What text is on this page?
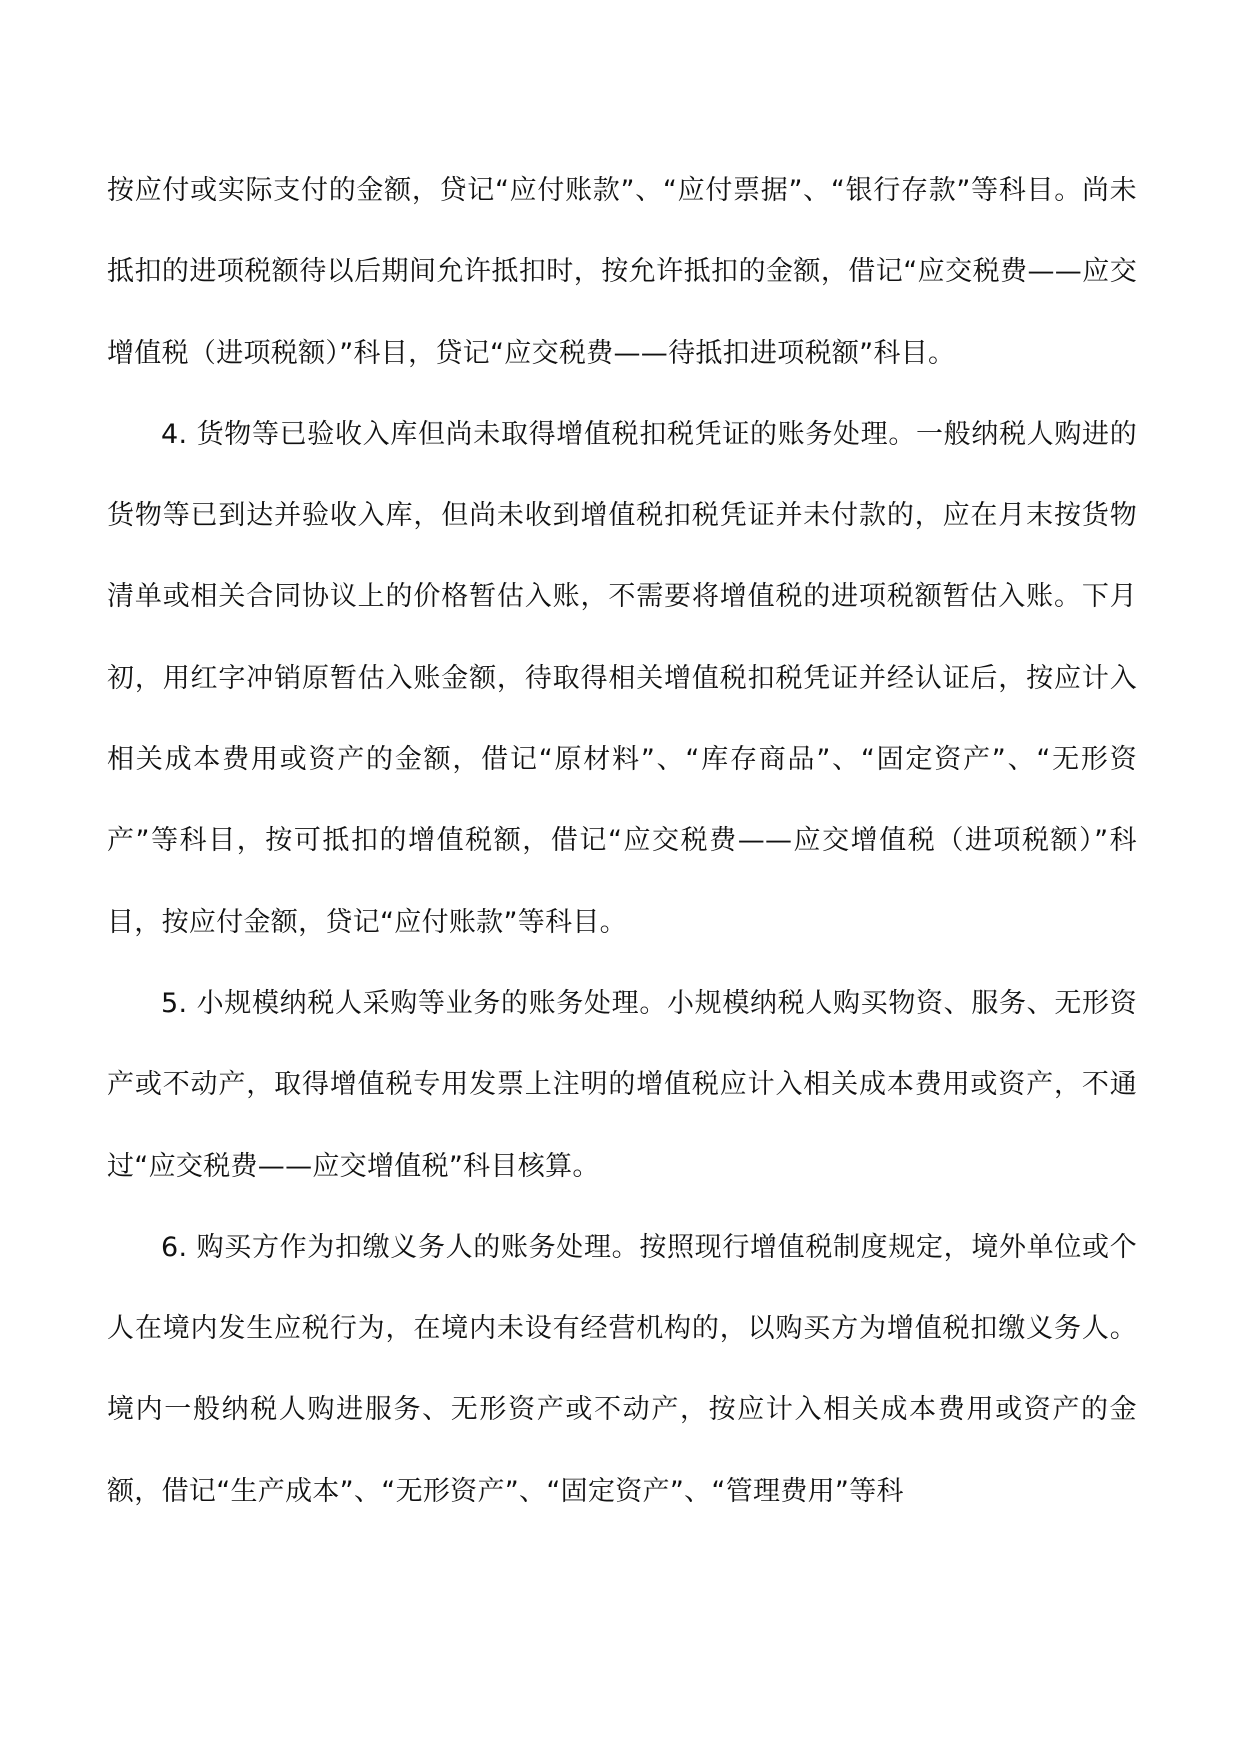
按应付或实际支付的金额，贷记“应付账款”、“应付票据”、“银行存款”等科目。尚未抵扣的进项税额待以后期间允许抵扣时，按允许抵扣的金额，借记“应交税费——应交增值税（进项税额）”科目，贷记“应交税费——待抵扣进项税额”科目。

4. 货物等已验收入库但尚未取得增值税扣税凭证的账务处理。一般纳税人购进的货物等已到达并验收入库，但尚未收到增值税扣税凭证并未付款的，应在月末按货物清单或相关合同协议上的价格暂估入账，不需要将增值税的进项税额暂估入账。下月初，用红字冲销原暂估入账金额，待取得相关增值税扣税凭证并经认证后，按应计入相关成本费用或资产的金额，借记“原材料”、“库存商品”、“固定资产”、“无形资产”等科目，按可抵扣的增值税额，借记“应交税费——应交增值税（进项税额）”科目，按应付金额，贷记“应付账款”等科目。

5. 小规模纳税人采购等业务的账务处理。小规模纳税人购买物资、服务、无形资产或不动产，取得增值税专用发票上注明的增值税应计入相关成本费用或资产，不通过“应交税费——应交增值税”科目核算。

6. 购买方作为扣缴义务人的账务处理。按照现行增值税制度规定，境外单位或个人在境内发生应税行为，在境内未设有经营机构的，以购买方为增值税扣缴义务人。境内一般纳税人购进服务、无形资产或不动产，按应计入相关成本费用或资产的金额，借记“生产成本”、“无形资产”、“固定资产”、“管理费用”等科
